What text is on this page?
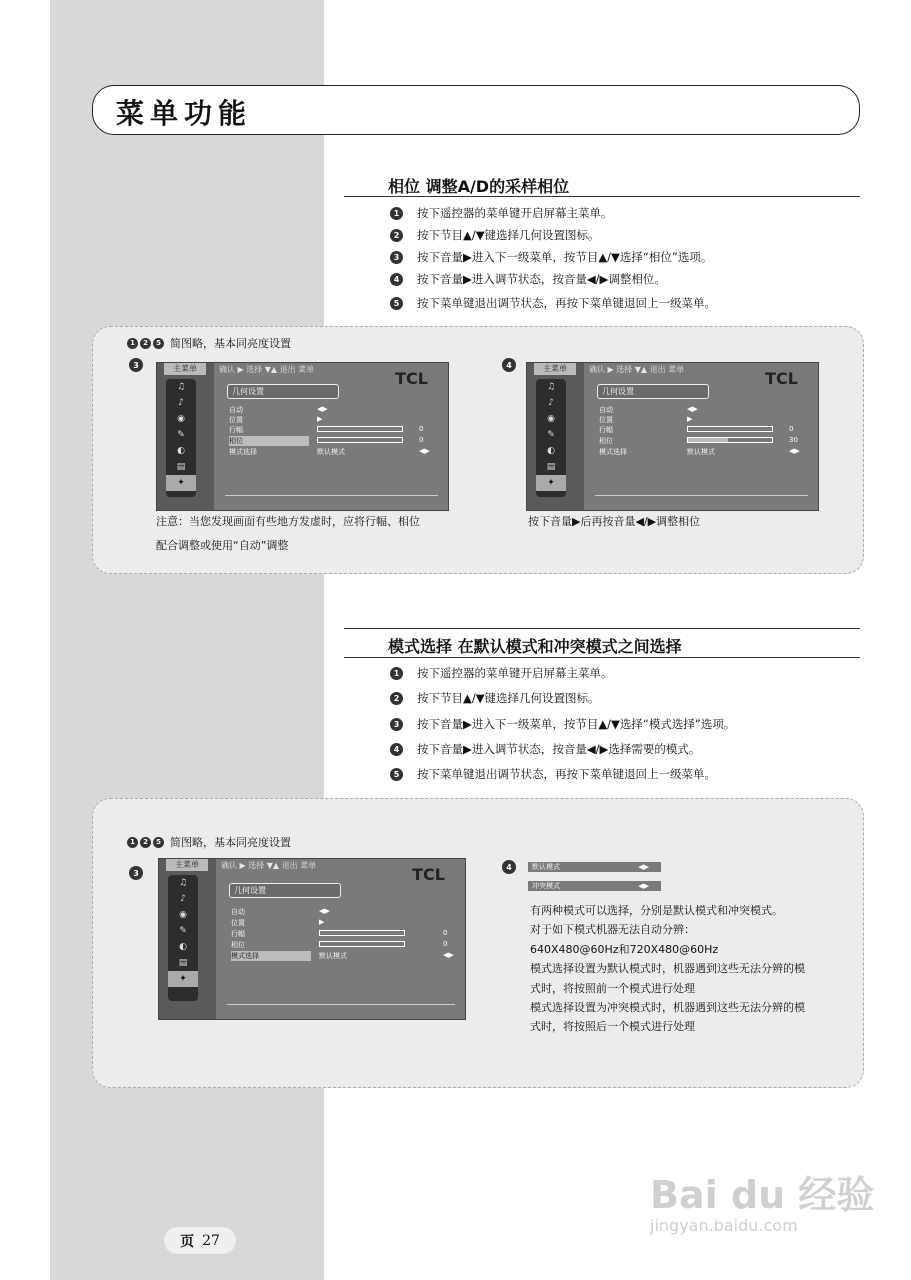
菜单功能
相位 调整A/D的采样相位
1	按下遥控器的菜单键开启屏幕主菜单。
2	按下节目▲/▼键选择几何设置图标。
3	按下音量▶进入下一级菜单，按节目▲/▼选择“相位”选项。
4	按下音量▶进入调节状态，按音量◀/▶调整相位。
5	按下菜单键退出调节状态，再按下菜单键退回上一级菜单。
1	2	5 简图略，基本同亮度设置
3	4
主菜单
♫
♪
◉
✎
◐
▤
✦
确认 ▶ 选择 ▼▲ 退出 菜单	TCL
几何设置
自动	◀▶
位置	▶
行幅	0
相位	0
模式选择	默认模式	◀▶
主菜单
♫
♪
◉
✎
◐
▤
✦
确认 ▶ 选择 ▼▲ 退出 菜单	TCL
几何设置
自动	◀▶
位置	▶
行幅	0
相位	30
模式选择	默认模式	◀▶
注意：当您发现画面有些地方发虚时，应将行幅、相位
配合调整或使用“自动”调整
按下音量▶后再按音量◀/▶调整相位
模式选择 在默认模式和冲突模式之间选择
1	按下遥控器的菜单键开启屏幕主菜单。
2	按下节目▲/▼键选择几何设置图标。
3	按下音量▶进入下一级菜单，按节目▲/▼选择“模式选择”选项。
4	按下音量▶进入调节状态，按音量◀/▶选择需要的模式。
5	按下菜单键退出调节状态，再按下菜单键退回上一级菜单。
1	2	5 简图略，基本同亮度设置
3
4
主菜单
♫
♪
◉
✎
◐
▤
✦
确认 ▶ 选择 ▼▲ 退出 菜单	TCL
几何设置
自动	◀▶
位置	▶
行幅	0
相位	0
模式选择	默认模式	◀▶
默认模式	◀▶
冲突模式	◀▶
有两种模式可以选择，分别是默认模式和冲突模式。
对于如下模式机器无法自动分辨：
640X480@60Hz和720X480@60Hz
模式选择设置为默认模式时，机器遇到这些无法分辨的模
式时，将按照前一个模式进行处理
模式选择设置为冲突模式时，机器遇到这些无法分辨的模
式时，将按照后一个模式进行处理
页 27
Bai du 经验
jingyan.baidu.com
